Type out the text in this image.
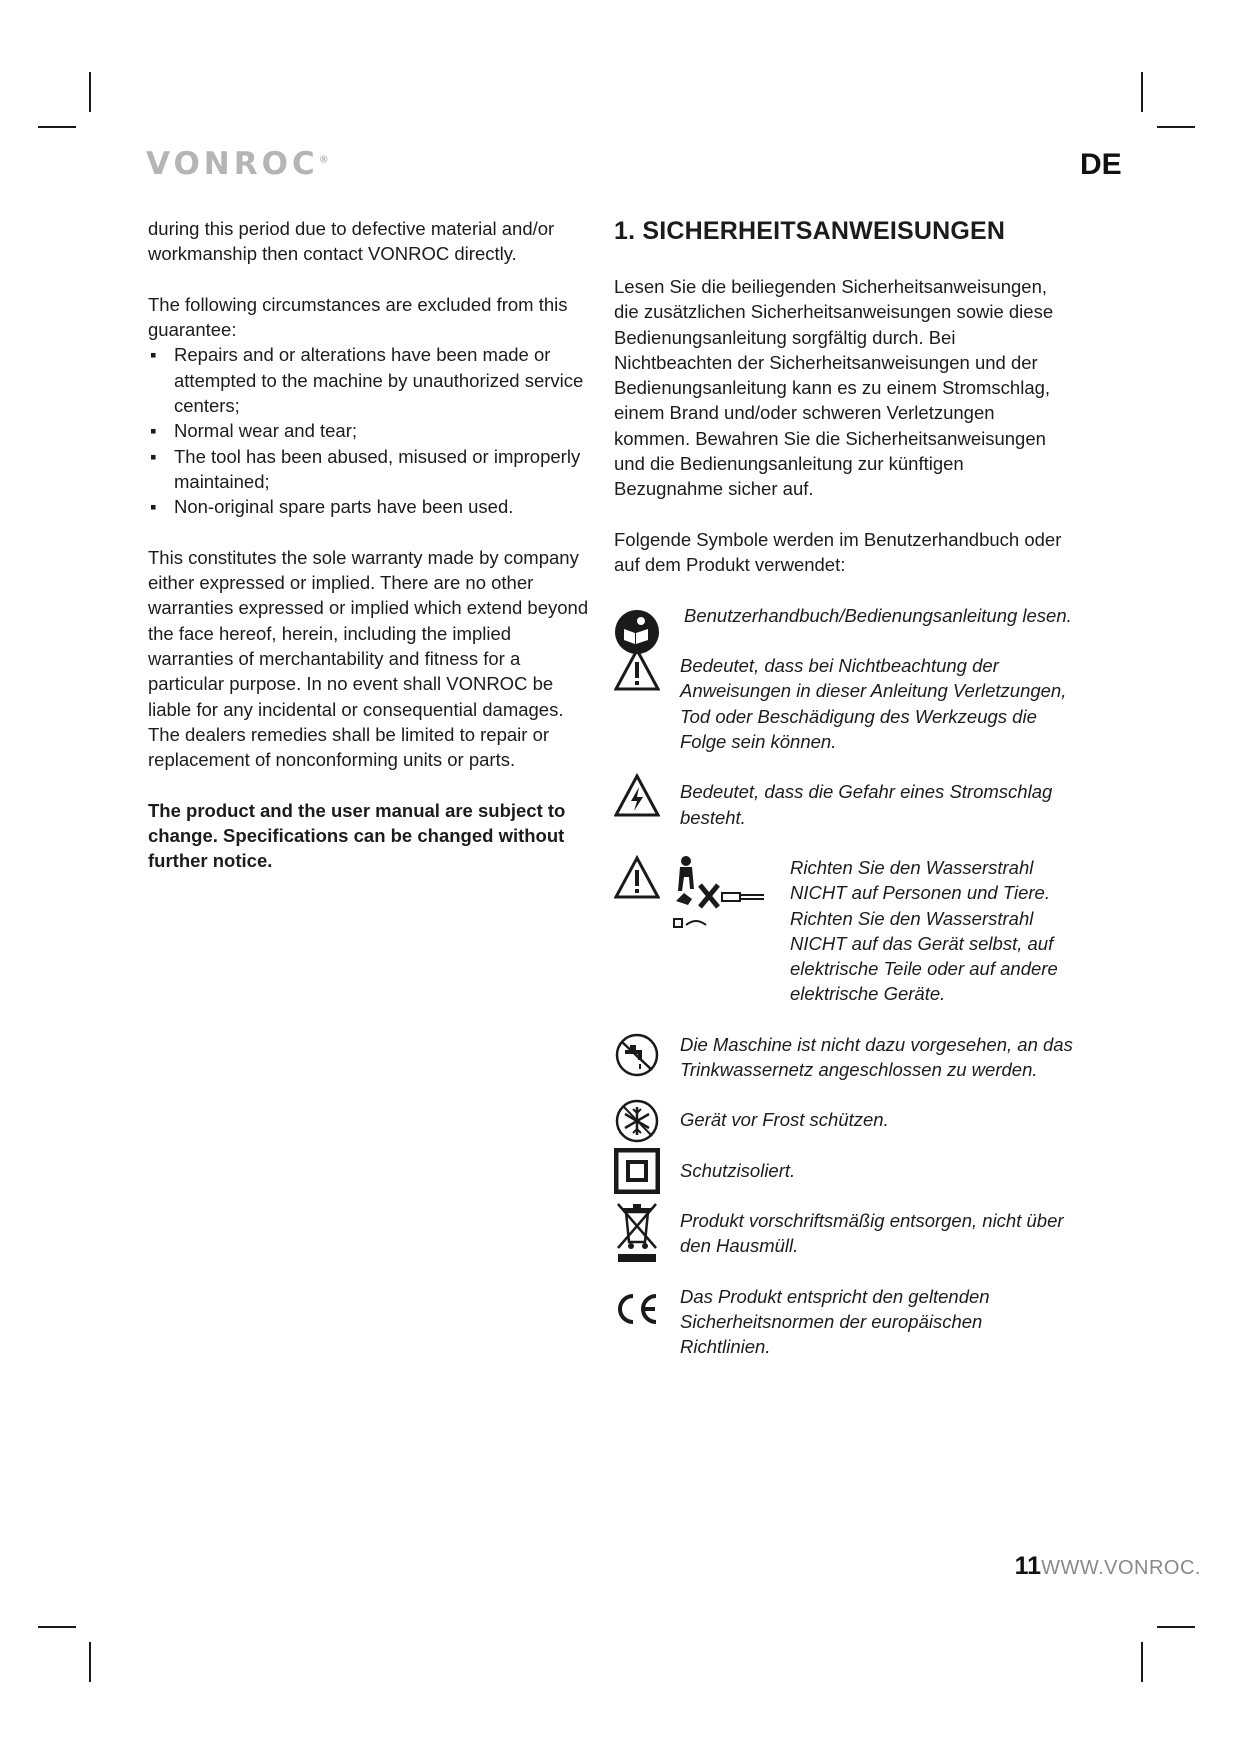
VONROC®	DE

during this period due to defective material and/or workmanship then contact VONROC directly.

The following circumstances are excluded from this guarantee:

▪ Repairs and or alterations have been made or attempted to the machine by unauthorized service centers;
▪ Normal wear and tear;
▪ The tool has been abused, misused or improperly maintained;
▪ Non-original spare parts have been used.

This constitutes the sole warranty made by company either expressed or implied. There are no other warranties expressed or implied which extend beyond the face hereof, herein, including the implied warranties of merchantability and fitness for a particular purpose. In no event shall VONROC be liable for any incidental or consequential damages. The dealers remedies shall be limited to repair or replacement of nonconforming units or parts.

The product and the user manual are subject to change. Specifications can be changed without further notice.

1. SICHERHEITSANWEISUNGEN

Lesen Sie die beiliegenden Sicherheitsanweisungen, die zusätzlichen Sicherheitsanweisungen sowie diese Bedienungsanleitung sorgfältig durch. Bei Nichtbeachten der Sicherheitsanweisungen und der Bedienungsanleitung kann es zu einem Stromschlag, einem Brand und/oder schweren Verletzungen kommen. Bewahren Sie die Sicherheitsanweisungen und die Bedienungsanleitung zur künftigen Bezugnahme sicher auf.

Folgende Symbole werden im Benutzerhandbuch oder auf dem Produkt verwendet:

Benutzerhandbuch/Bedienungsanleitung lesen.
Bedeutet, dass bei Nichtbeachtung der Anweisungen in dieser Anleitung Verletzungen, Tod oder Beschädigung des Werkzeugs die Folge sein können.
Bedeutet, dass die Gefahr eines Stromschlag besteht.
Richten Sie den Wasserstrahl NICHT auf Personen und Tiere. Richten Sie den Wasserstrahl NICHT auf das Gerät selbst, auf elektrische Teile oder auf andere elektrische Geräte.
Die Maschine ist nicht dazu vorgesehen, an das Trinkwassernetz angeschlossen zu werden.
Gerät vor Frost schützen.
Schutzisoliert.
Produkt vorschriftsmäßig entsorgen, nicht über den Hausmüll.
Das Produkt entspricht den geltenden Sicherheitsnormen der europäischen Richtlinien.
11WWW.VONROC.
